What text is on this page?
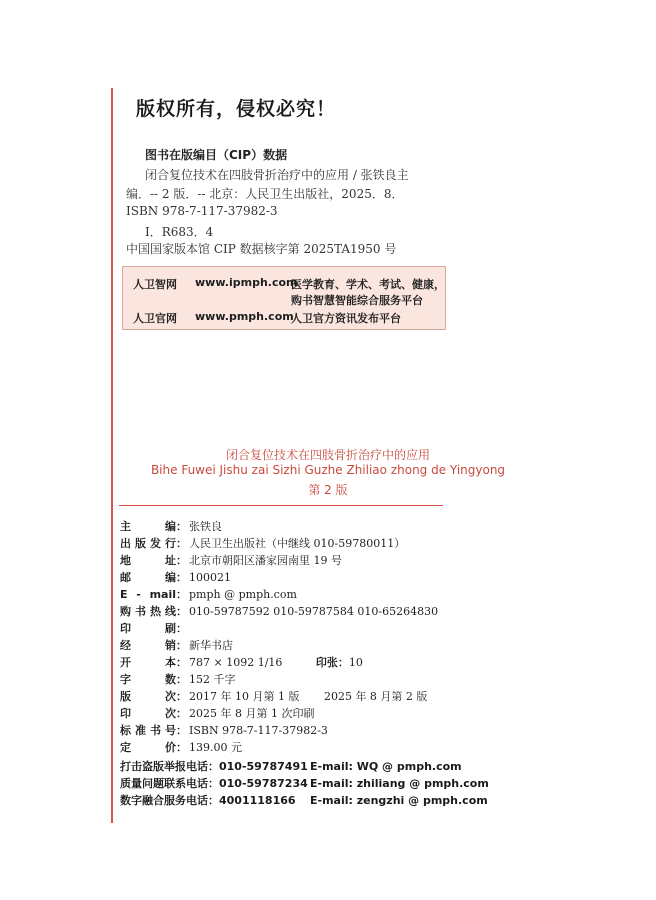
版权所有，侵权必究！
图书在版编目（CIP）数据
闭合复位技术在四肢骨折治疗中的应用 / 张铁良主
编．-- 2 版．-- 北京：人民卫生出版社，2025．8．
ISBN 978-7-117-37982-3
Ⅰ．R683．4
中国国家版本馆 CIP 数据核字第 2025TA1950 号
人卫智网 www.ipmph.com
医学教育、学术、考试、健康，
购书智慧智能综合服务平台
人卫官网 www.pmph.com
人卫官方资讯发布平台
闭合复位技术在四肢骨折治疗中的应用
Bihe Fuwei Jishu zai Sizhi Guzhe Zhiliao zhong de Yingyong
第 2 版
主 编： 张铁良
出版发行： 人民卫生出版社（中继线 010-59780011）
地 址： 北京市朝阳区潘家园南里 19 号
邮 编： 100021
E - mail： pmph @ pmph.com
购书热线： 010-59787592 010-59787584 010-65264830
印 刷：
经 销： 新华书店
开 本： 787 × 1092 1/16	印张：10
字 数： 152 千字
版 次： 2017 年 10 月第 1 版       2025 年 8 月第 2 版
印 次： 2025 年 8 月第 1 次印刷
标准书号： ISBN 978-7-117-37982-3
定 价： 139.00 元
打击盗版举报电话：010-59787491 E-mail: WQ @ pmph.com
质量问题联系电话：010-59787234 E-mail: zhiliang @ pmph.com
数字融合服务电话：4001118166 E-mail: zengzhi @ pmph.com
